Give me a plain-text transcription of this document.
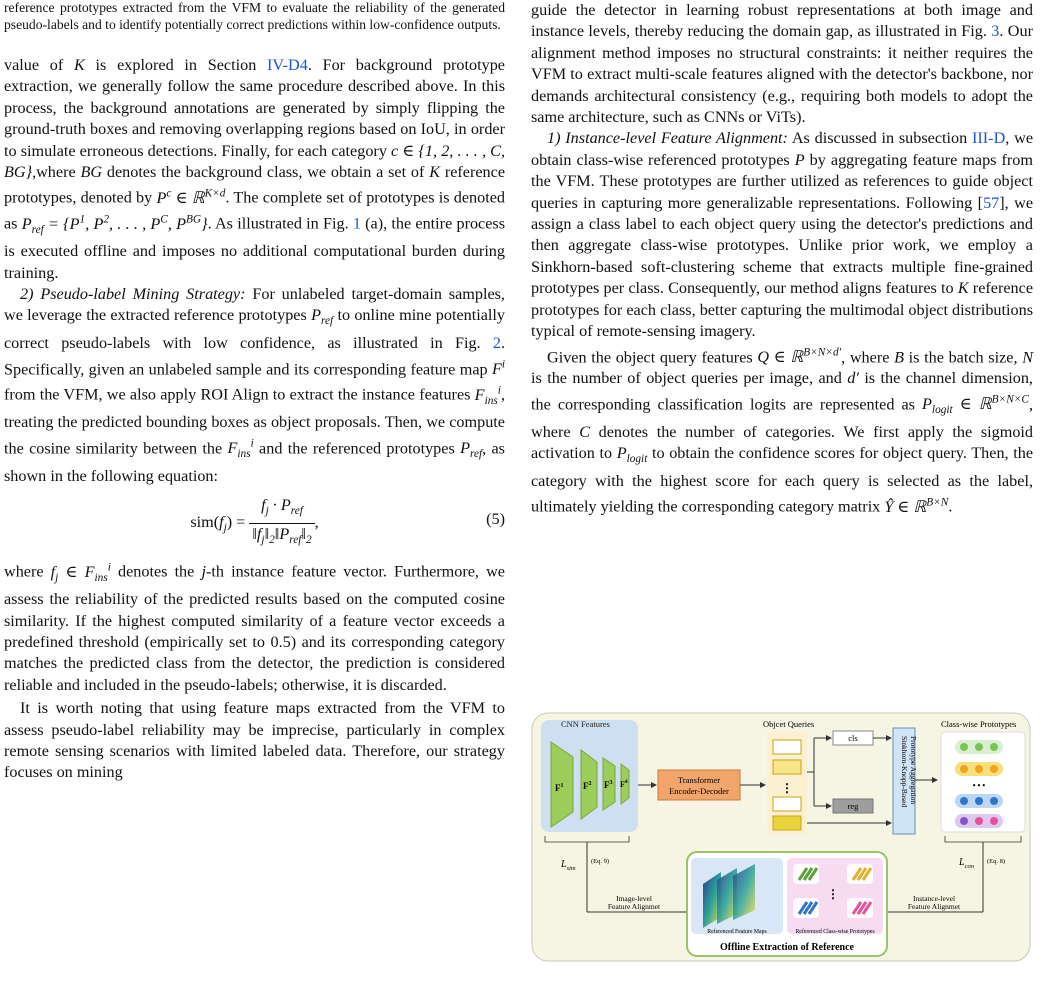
reference prototypes extracted from the VFM to evaluate the reliability of the generated pseudo-labels and to identify potentially correct predictions within low-confidence outputs.

value of K is explored in Section IV-D4. For background prototype extraction, we generally follow the same procedure described above. In this process, the background annotations are generated by simply flipping the ground-truth boxes and removing overlapping regions based on IoU, in order to simulate erroneous detections. Finally, for each category c ∈ {1, 2, . . . , C, BG},where BG denotes the background class, we obtain a set of K reference prototypes, denoted by $P^c$ ∈ ℝ$^{K\times d}$. The complete set of prototypes is denoted as $P_{ref} = \{P^1$, $P^2$, . . . , $P^C$, $P^{BG}$}. As illustrated in Fig. 1 (a), the entire process is executed offline and imposes no additional computational burden during training.

2) Pseudo-label Mining Strategy: For unlabeled target-domain samples, we leverage the extracted reference prototypes $P_{ref}$ to online mine potentially correct pseudo-labels with low confidence, as illustrated in Fig. 2. Specifically, given an unlabeled sample and its corresponding feature map $F^i$ from the VFM, we also apply ROI Align to extract the instance features $F_{ins}^i$, treating the predicted bounding boxes as object proposals. Then, we compute the cosine similarity between the $F_{ins}^i$ and the referenced prototypes $P_{ref}$, as shown in the following equation:

$sim(f_j) = \frac{f_j \cdot P_{ref}}{‖f_j‖_2‖P_{ref}‖_2}$ ,	(5)

where $f_j$ ∈ $F_{ins}^i$ denotes the j-th instance feature vector. Furthermore, we assess the reliability of the predicted results based on the computed cosine similarity. If the highest computed similarity of a feature vector exceeds a predefined threshold (empirically set to 0.5) and its corresponding category matches the predicted class from the detector, the prediction is considered reliable and included in the pseudo-labels; otherwise, it is discarded.

It is worth noting that using feature maps extracted from the VFM to assess pseudo-label reliability may be imprecise, particularly in complex remote sensing scenarios with limited labeled data. Therefore, our strategy focuses on mining

guide the detector in learning robust representations at both image and instance levels, thereby reducing the domain gap, as illustrated in Fig. 3. Our alignment method imposes no structural constraints: it neither requires the VFM to extract multi-scale features aligned with the detector's backbone, nor demands architectural consistency (e.g., requiring both models to adopt the same architecture, such as CNNs or ViTs).

1) Instance-level Feature Alignment: As discussed in subsection III-D, we obtain class-wise referenced prototypes P by aggregating feature maps from the VFM. These prototypes are further utilized as references to guide object queries in capturing more generalizable representations. Following [57], we assign a class label to each object query using the detector's predictions and then aggregate class-wise prototypes. Unlike prior work, we employ a Sinkhorn-based soft-clustering scheme that extracts multiple fine-grained prototypes per class. Consequently, our method aligns features to K reference prototypes for each class, better capturing the multimodal object distributions typical of remote-sensing imagery.

Given the object query features Q ∈ ℝ$^{B\times N\times d'}$, where B is the batch size, N is the number of object queries per image, and d′ is the channel dimension, the corresponding classification logits are represented as $P_{logit}$ ∈ ℝ$^{B\times N\times C}$, where C denotes the number of categories. We first apply the sigmoid activation to $P_{logit}$ to obtain the confidence scores for object query. Then, the category with the highest score for each query is selected as the label, ultimately yielding the corresponding category matrix Ŷ ∈ ℝ$^{B\times N}$.

CNN Features
$F^1$ $F^2$ $F^3$ $F^4$	Transformer
Encoder-Decoder
Objcet Queries
⋮
cls
reg	Sinkhorn-Knopp-Based Prototype Aggregation
Class-wise Prototypes
• • •
$L_{sim}$
(Eq. 9)	$L_{con}$
(Eq. 8)
Image-level
Feature Alignmet
Instance-level
Feature Alignmet
Referenced Feature Maps
⋮
Referenced Class-wise Prototypes
Offline Extraction of Reference
